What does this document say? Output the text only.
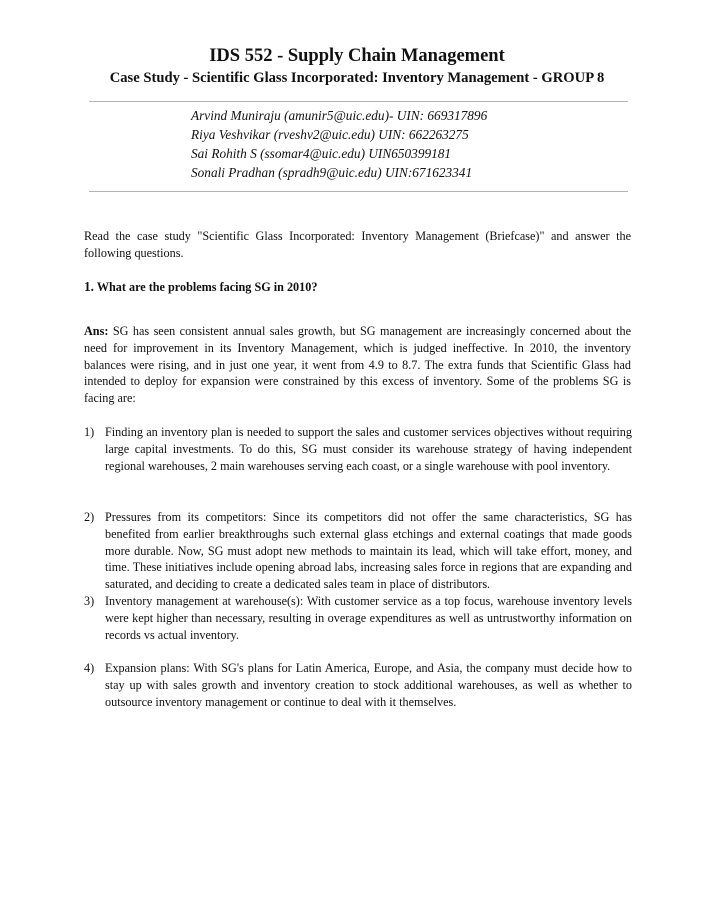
IDS 552 - Supply Chain Management
Case Study - Scientific Glass Incorporated: Inventory Management - GROUP 8
Arvind Muniraju (amunir5@uic.edu)- UIN: 669317896
Riya Veshvikar (rveshv2@uic.edu) UIN: 662263275
Sai Rohith S (ssomar4@uic.edu) UIN650399181
Sonali Pradhan (spradh9@uic.edu) UIN:671623341
Read the case study "Scientific Glass Incorporated: Inventory Management (Briefcase)" and answer the following questions.
1. What are the problems facing SG in 2010?
Ans: SG has seen consistent annual sales growth, but SG management are increasingly concerned about the need for improvement in its Inventory Management, which is judged ineffective. In 2010, the inventory balances were rising, and in just one year, it went from 4.9 to 8.7. The extra funds that Scientific Glass had intended to deploy for expansion were constrained by this excess of inventory. Some of the problems SG is facing are:
1) Finding an inventory plan is needed to support the sales and customer services objectives without requiring large capital investments. To do this, SG must consider its warehouse strategy of having independent regional warehouses, 2 main warehouses serving each coast, or a single warehouse with pool inventory.
2) Pressures from its competitors: Since its competitors did not offer the same characteristics, SG has benefited from earlier breakthroughs such external glass etchings and external coatings that made goods more durable. Now, SG must adopt new methods to maintain its lead, which will take effort, money, and time. These initiatives include opening abroad labs, increasing sales force in regions that are expanding and saturated, and deciding to create a dedicated sales team in place of distributors.
3) Inventory management at warehouse(s): With customer service as a top focus, warehouse inventory levels were kept higher than necessary, resulting in overage expenditures as well as untrustworthy information on records vs actual inventory.
4) Expansion plans: With SG's plans for Latin America, Europe, and Asia, the company must decide how to stay up with sales growth and inventory creation to stock additional warehouses, as well as whether to outsource inventory management or continue to deal with it themselves.
